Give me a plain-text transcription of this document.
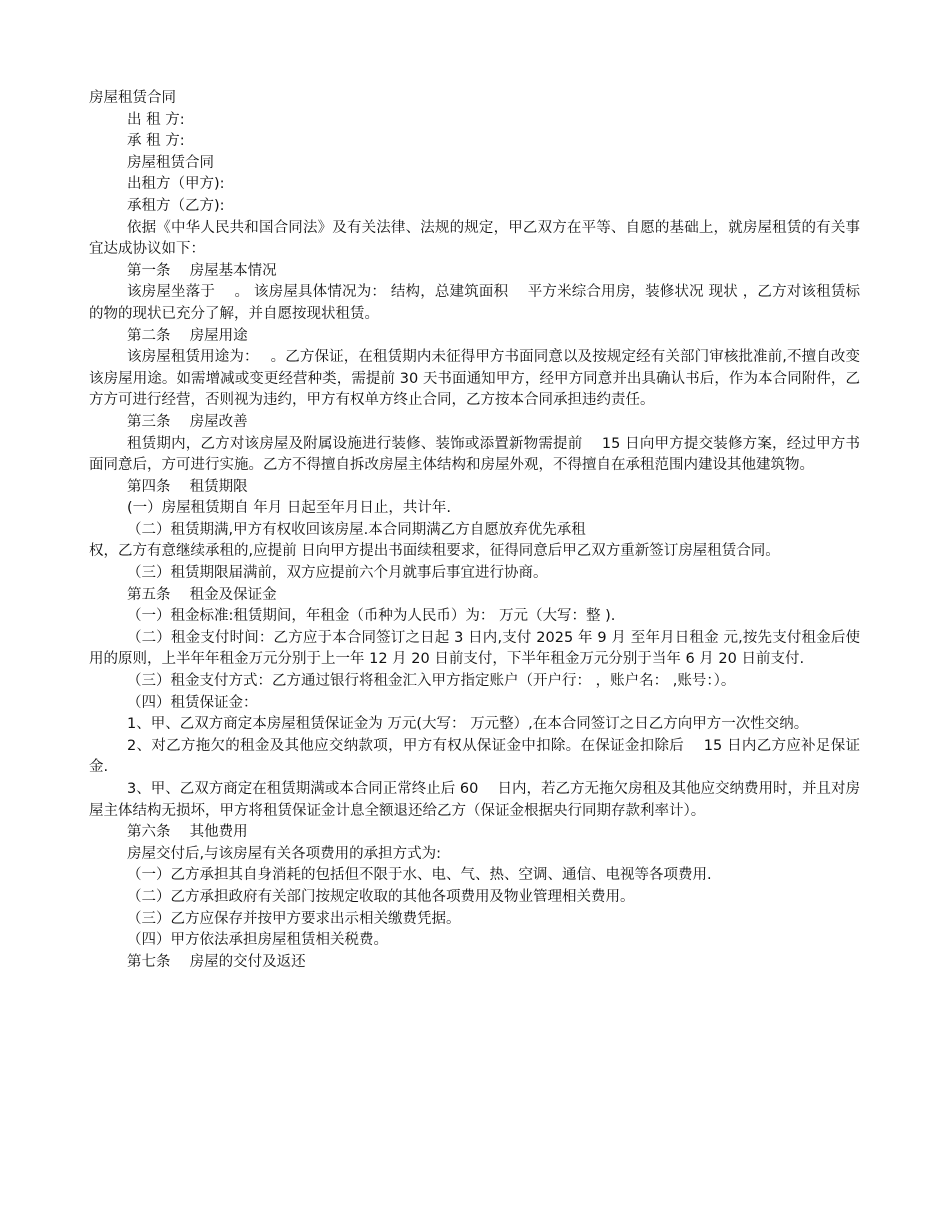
房屋租赁合同

出 租 方:

承 租 方:

房屋租赁合同

出租方（甲方):

承租方（乙方):

依据《中华人民共和国合同法》及有关法律、法规的规定，甲乙双方在平等、自愿的基础上，就房屋租赁的有关事宜达成协议如下：

第一条　 房屋基本情况

该房屋坐落于　 。 该房屋具体情况为： 结构，总建筑面积　 平方米综合用房，装修状况 现状 ，乙方对该租赁标的物的现状已充分了解，并自愿按现状租赁。

第二条　 房屋用途

该房屋租赁用途为：　 。乙方保证，在租赁期内未征得甲方书面同意以及按规定经有关部门审核批准前,不擅自改变该房屋用途。如需增减或变更经营种类，需提前 30 天书面通知甲方，经甲方同意并出具确认书后，作为本合同附件，乙方方可进行经营，否则视为违约，甲方有权单方终止合同，乙方按本合同承担违约责任。

第三条　 房屋改善

租赁期内，乙方对该房屋及附属设施进行装修、装饰或添置新物需提前　 15 日向甲方提交装修方案，经过甲方书面同意后，方可进行实施。乙方不得擅自拆改房屋主体结构和房屋外观，不得擅自在承租范围内建设其他建筑物。

第四条　 租赁期限

(一）房屋租赁期自 年月 日起至年月日止，共计年.

（二）租赁期满,甲方有权收回该房屋.本合同期满乙方自愿放弃优先承租

权，乙方有意继续承租的,应提前 日向甲方提出书面续租要求，征得同意后甲乙双方重新签订房屋租赁合同。

（三）租赁期限届满前，双方应提前六个月就事后事宜进行协商。

第五条　 租金及保证金

（一）租金标准:租赁期间，年租金（币种为人民币）为： 万元（大写：整 ).

（二）租金支付时间：乙方应于本合同签订之日起 3 日内,支付 2025 年 9 月 至年月日租金 元,按先支付租金后使用的原则，上半年年租金万元分别于上一年 12 月 20 日前支付，下半年租金万元分别于当年 6 月 20 日前支付.

（三）租金支付方式：乙方通过银行将租金汇入甲方指定账户（开户行： ，账户名： ,账号：）。

（四）租赁保证金：

1、甲、乙双方商定本房屋租赁保证金为 万元(大写： 万元整）,在本合同签订之日乙方向甲方一次性交纳。

2、对乙方拖欠的租金及其他应交纳款项，甲方有权从保证金中扣除。在保证金扣除后　 15 日内乙方应补足保证金.

3、甲、乙双方商定在租赁期满或本合同正常终止后 60　 日内，若乙方无拖欠房租及其他应交纳费用时，并且对房屋主体结构无损坏，甲方将租赁保证金计息全额退还给乙方（保证金根据央行同期存款利率计）。

第六条　 其他费用

房屋交付后,与该房屋有关各项费用的承担方式为:

（一）乙方承担其自身消耗的包括但不限于水、电、气、热、空调、通信、电视等各项费用.

（二）乙方承担政府有关部门按规定收取的其他各项费用及物业管理相关费用。

（三）乙方应保存并按甲方要求出示相关缴费凭据。

（四）甲方依法承担房屋租赁相关税费。

第七条　 房屋的交付及返还
